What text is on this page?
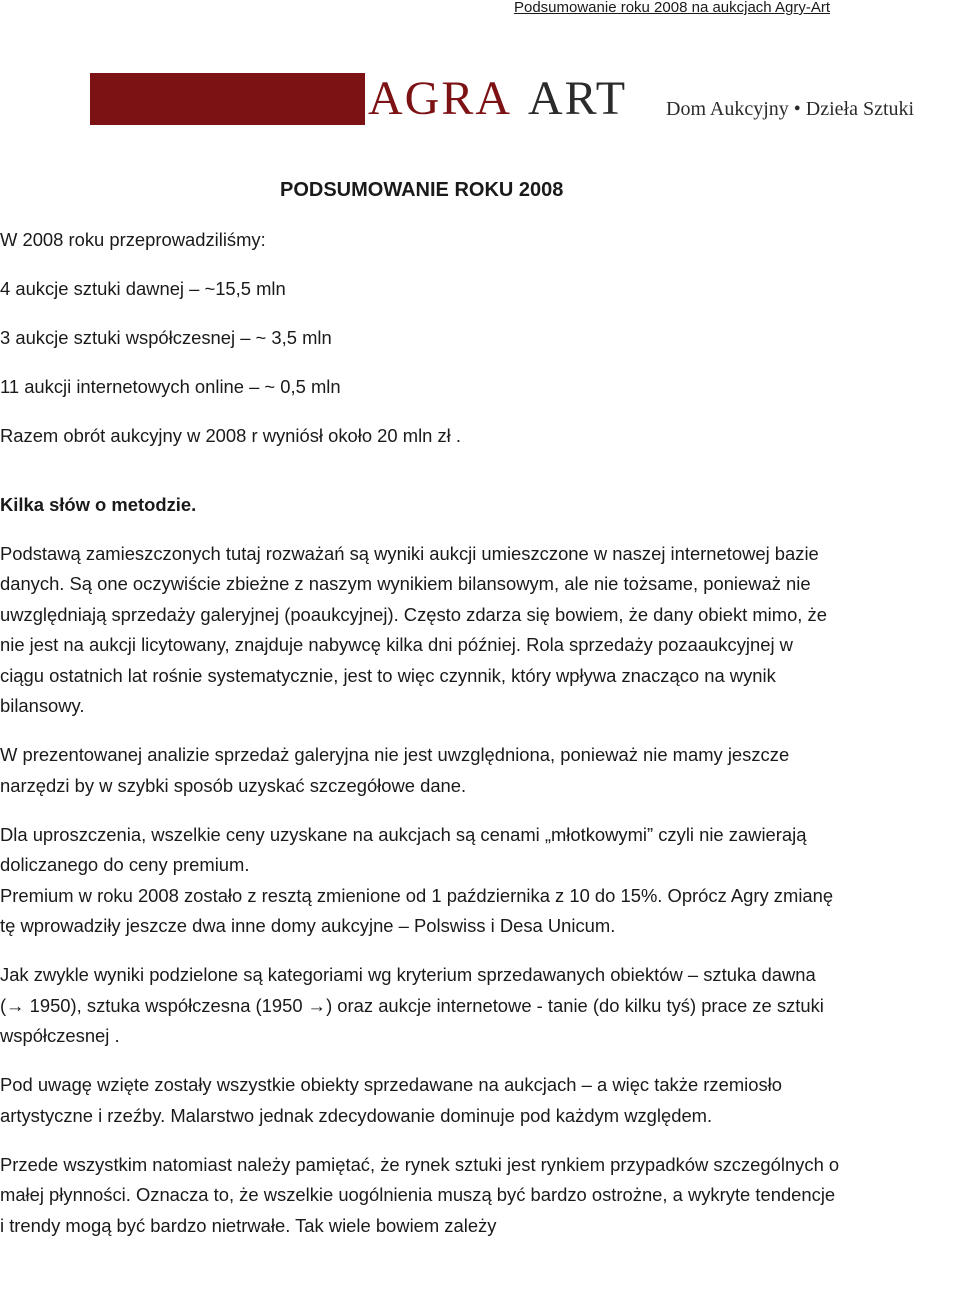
Podsumowanie roku 2008 na aukcjach Agry-Art
AGRA ART Dom Aukcyjny • Dzieła Sztuki
PODSUMOWANIE ROKU 2008

W 2008 roku przeprowadziliśmy:

4 aukcje sztuki dawnej – ~15,5 mln

3 aukcje sztuki współczesnej – ~ 3,5 mln

11 aukcji internetowych online – ~ 0,5 mln

Razem obrót aukcyjny w 2008 r wyniósł około 20 mln zł .

Kilka słów o metodzie.

Podstawą zamieszczonych tutaj rozważań są wyniki aukcji umieszczone w naszej internetowej bazie danych. Są one oczywiście zbieżne z naszym wynikiem bilansowym, ale nie tożsame, ponieważ nie uwzględniają sprzedaży galeryjnej (poaukcyjnej). Często zdarza się bowiem, że dany obiekt mimo, że nie jest na aukcji licytowany, znajduje nabywcę kilka dni później. Rola sprzedaży pozaaukcyjnej w ciągu ostatnich lat rośnie systematycznie, jest to więc czynnik, który wpływa znacząco na wynik bilansowy.

W prezentowanej analizie sprzedaż galeryjna nie jest uwzględniona, ponieważ nie mamy jeszcze narzędzi by w szybki sposób uzyskać szczegółowe dane.

Dla uproszczenia, wszelkie ceny uzyskane na aukcjach są cenami „młotkowymi” czyli nie zawierają doliczanego do ceny premium.

Premium w roku 2008 zostało z resztą zmienione od 1 października z 10 do 15%. Oprócz Agry zmianę tę wprowadziły jeszcze dwa inne domy aukcyjne – Polswiss i Desa Unicum.

Jak zwykle wyniki podzielone są kategoriami wg kryterium sprzedawanych obiektów – sztuka dawna (→ 1950), sztuka współczesna (1950 →) oraz aukcje internetowe - tanie (do kilku tyś) prace ze sztuki współczesnej .

Pod uwagę wzięte zostały wszystkie obiekty sprzedawane na aukcjach – a więc także rzemiosło artystyczne i rzeźby. Malarstwo jednak zdecydowanie dominuje pod każdym względem.

Przede wszystkim natomiast należy pamiętać, że rynek sztuki jest rynkiem przypadków szczególnych o małej płynności. Oznacza to, że wszelkie uogólnienia muszą być bardzo ostrożne, a wykryte tendencje i trendy mogą być bardzo nietrwałe. Tak wiele bowiem zależy
